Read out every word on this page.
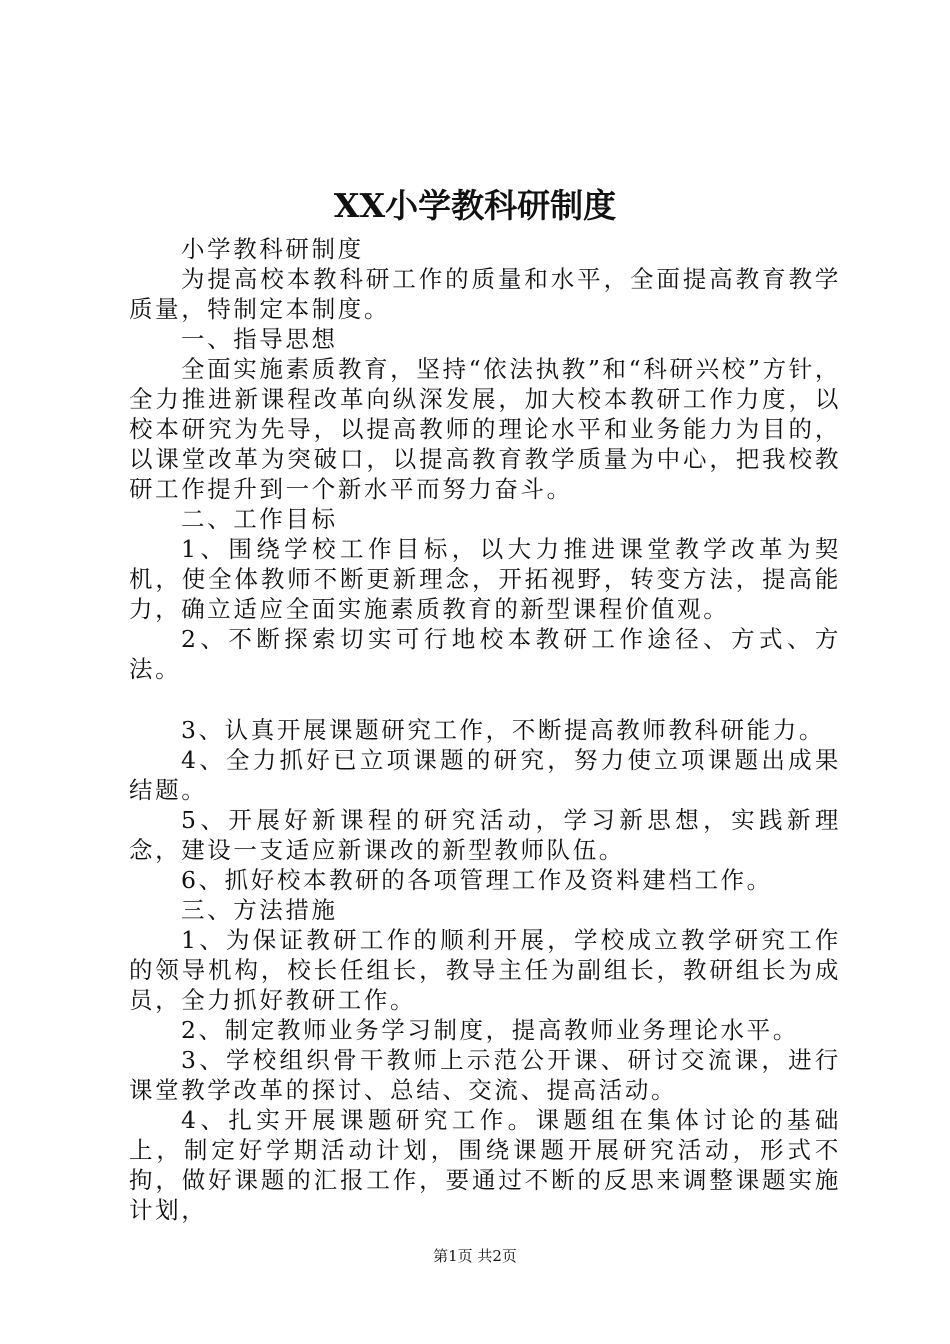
XX小学教科研制度

小学教科研制度

为提高校本教科研工作的质量和水平，全面提高教育教学质量，特制定本制度。

一、指导思想

全面实施素质教育，坚持“依法执教”和“科研兴校”方针，全力推进新课程改革向纵深发展，加大校本教研工作力度，以校本研究为先导，以提高教师的理论水平和业务能力为目的，以课堂改革为突破口，以提高教育教学质量为中心，把我校教研工作提升到一个新水平而努力奋斗。

二、工作目标

1、围绕学校工作目标，以大力推进课堂教学改革为契机，使全体教师不断更新理念，开拓视野，转变方法，提高能力，确立适应全面实施素质教育的新型课程价值观。

2、不断探索切实可行地校本教研工作途径、方式、方法。

3、认真开展课题研究工作，不断提高教师教科研能力。

4、全力抓好已立项课题的研究，努力使立项课题出成果结题。

5、开展好新课程的研究活动，学习新思想，实践新理念，建设一支适应新课改的新型教师队伍。

6、抓好校本教研的各项管理工作及资料建档工作。

三、方法措施

1、为保证教研工作的顺利开展，学校成立教学研究工作的领导机构，校长任组长，教导主任为副组长，教研组长为成员，全力抓好教研工作。

2、制定教师业务学习制度，提高教师业务理论水平。

3、学校组织骨干教师上示范公开课、研讨交流课，进行课堂教学改革的探讨、总结、交流、提高活动。

4、扎实开展课题研究工作。课题组在集体讨论的基础上，制定好学期活动计划，围绕课题开展研究活动，形式不拘，做好课题的汇报工作，要通过不断的反思来调整课题实施计划，

第1页 共2页
